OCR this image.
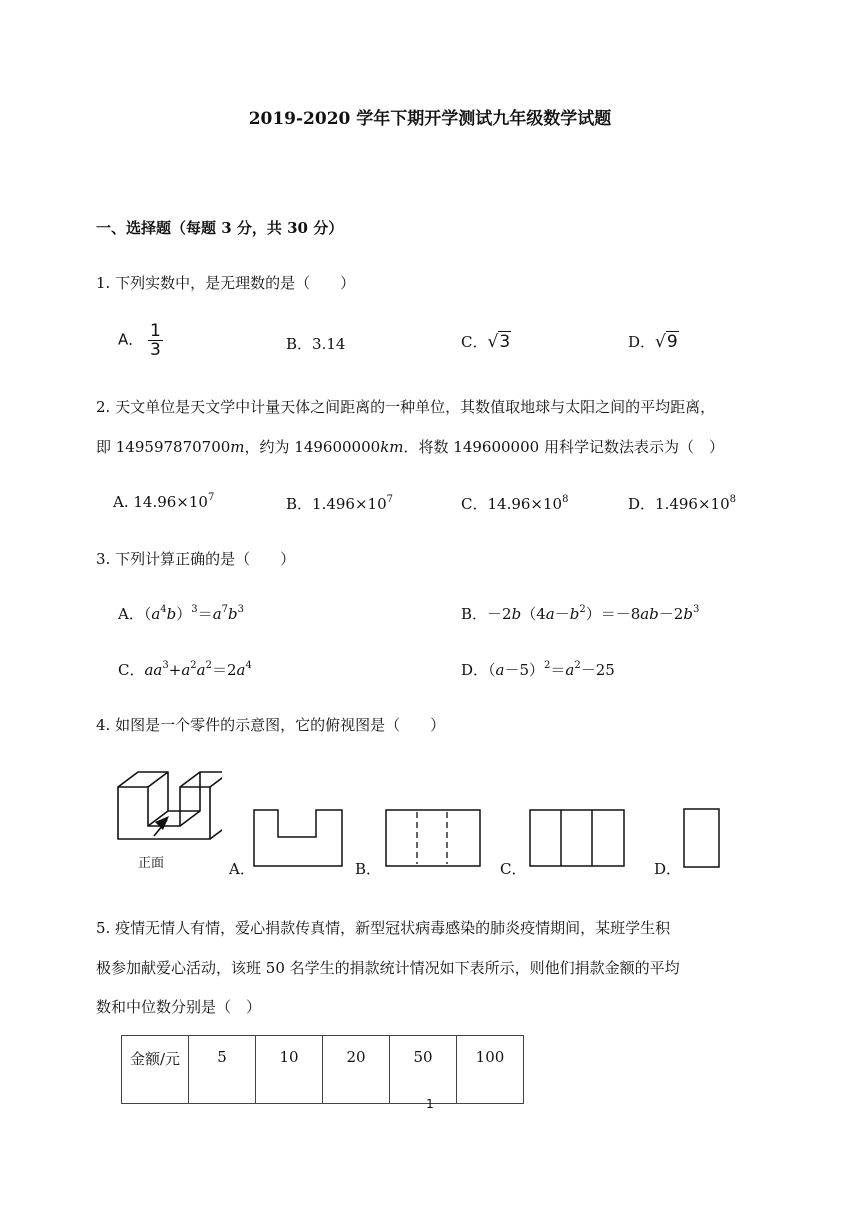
2019-2020 学年下期开学测试九年级数学试题
一、选择题（每题 3 分，共 30 分）
1. 下列实数中，是无理数的是（　　）
A． $\frac{1}{3}$	B．3.14	C．√3	D．√9
2. 天文单位是天文学中计量天体之间距离的一种单位，其数值取地球与太阳之间的平均距离，
即 149597870700m，约为 149600000km．将数 149600000 用科学记数法表示为（　）
A. $14.96\times 10^7$	B．$1.496\times 10^7$	C．$14.96\times 10^8$	D．$1.496\times 10^8$
3. 下列计算正确的是（　　）
A．$(a^4b)^3=a^7b^3$	B．$-2b(4a-b^2)=-8ab-2b^3$
C．$aa^3+a^2a^2=2a^4$	D．$(a-5)^2=a^2-25$
4. 如图是一个零件的示意图，它的俯视图是（　　）
正面	A．	B．	C．	D．
5. 疫情无情人有情，爱心捐款传真情，新型冠状病毒感染的肺炎疫情期间，某班学生积
极参加献爱心活动，该班 50 名学生的捐款统计情况如下表所示，则他们捐款金额的平均
数和中位数分别是（　）
金额/元	5	10	20	50	100
1
